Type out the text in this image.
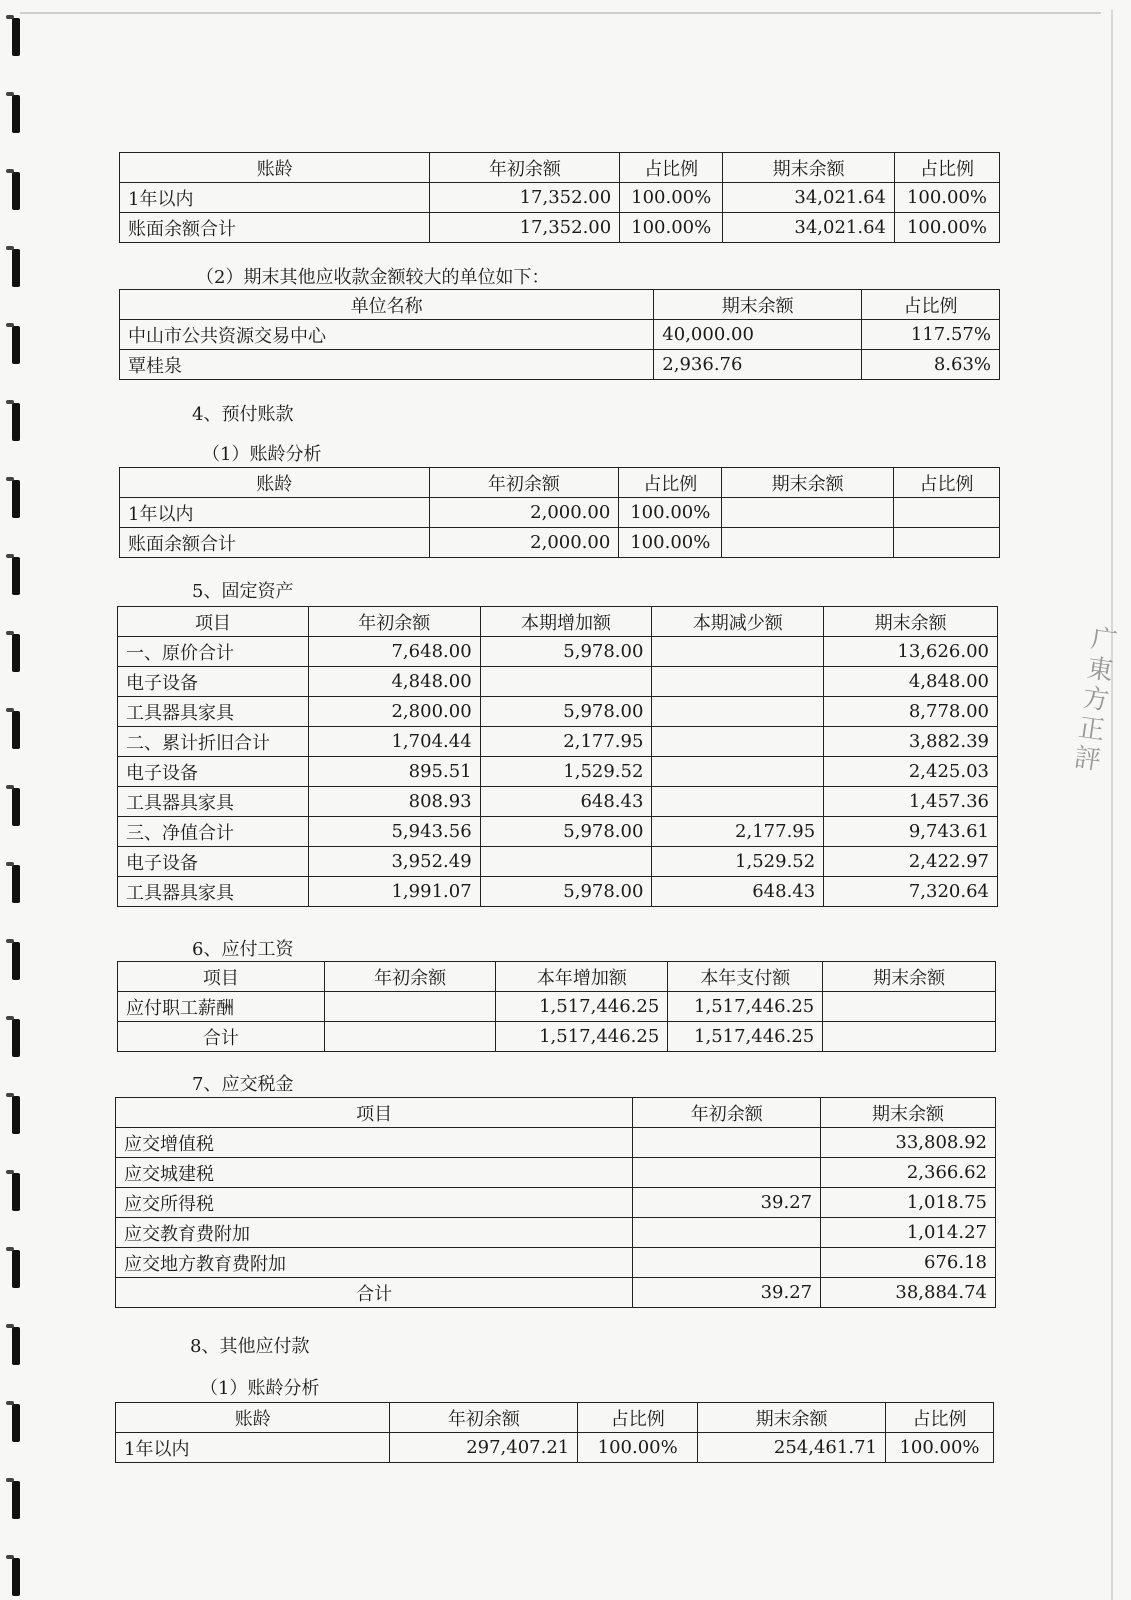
广
東
方
正
評
账龄	年初余额	占比例	期末余额	占比例
1年以内	17,352.00	100.00%	34,021.64	100.00%
账面余额合计	17,352.00	100.00%	34,021.64	100.00%
（2）期末其他应收款金额较大的单位如下：
单位名称	期末余额	占比例
中山市公共资源交易中心	40,000.00	117.57%
覃桂泉	2,936.76	8.63%
4、预付账款
（1）账龄分析
账龄	年初余额	占比例	期末余额	占比例
1年以内	2,000.00	100.00%		
账面余额合计	2,000.00	100.00%		
5、固定资产
项目	年初余额	本期增加额	本期减少额	期末余额
一、原价合计	7,648.00	5,978.00		13,626.00
电子设备	4,848.00			4,848.00
工具器具家具	2,800.00	5,978.00		8,778.00
二、累计折旧合计	1,704.44	2,177.95		3,882.39
电子设备	895.51	1,529.52		2,425.03
工具器具家具	808.93	648.43		1,457.36
三、净值合计	5,943.56	5,978.00	2,177.95	9,743.61
电子设备	3,952.49		1,529.52	2,422.97
工具器具家具	1,991.07	5,978.00	648.43	7,320.64
6、应付工资
项目	年初余额	本年增加额	本年支付额	期末余额
应付职工薪酬		1,517,446.25	1,517,446.25	
合计		1,517,446.25	1,517,446.25	
7、应交税金
项目	年初余额	期末余额
应交增值税		33,808.92
应交城建税		2,366.62
应交所得税	39.27	1,018.75
应交教育费附加		1,014.27
应交地方教育费附加		676.18
合计	39.27	38,884.74
8、其他应付款
（1）账龄分析
账龄	年初余额	占比例	期末余额	占比例
1年以内	297,407.21	100.00%	254,461.71	100.00%
